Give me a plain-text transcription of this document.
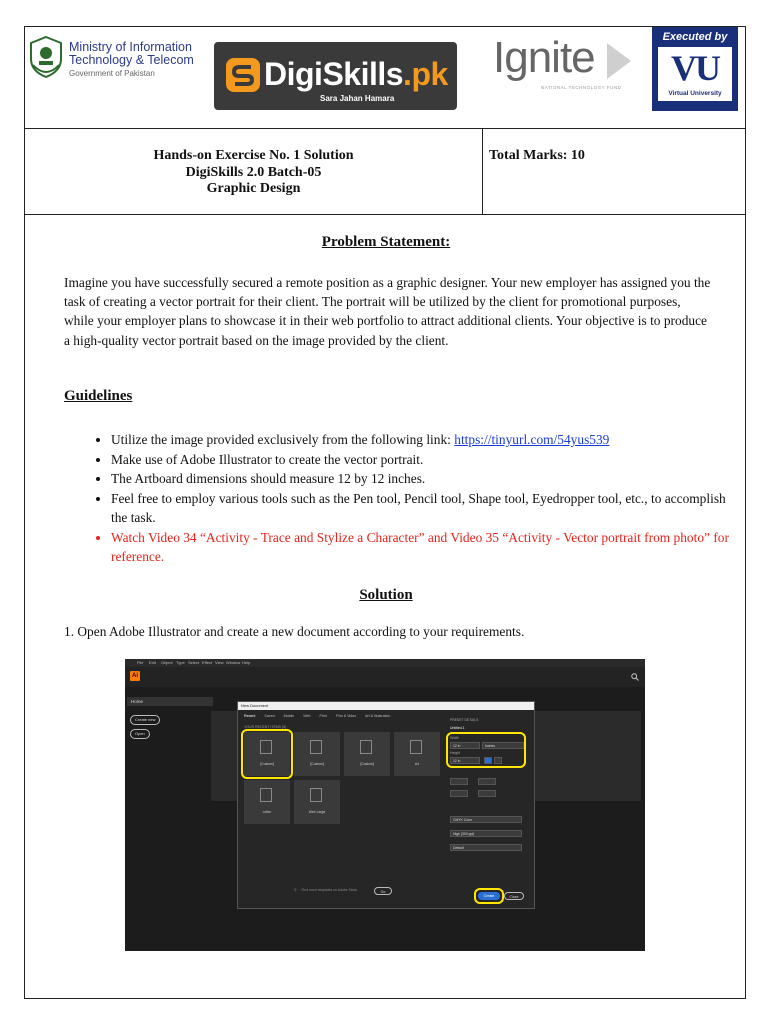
Ministry of Information
Technology & Telecom
Government of Pakistan	DigiSkills.pk
Sara Jahan Hamara
Ignite
NATIONAL TECHNOLOGY FUND
Executed by
VU
Virtual University
Hands-on Exercise No. 1 Solution
DigiSkills 2.0 Batch-05
Graphic Design
Total Marks: 10
Problem Statement:
Imagine you have successfully secured a remote position as a graphic designer. Your new employer has assigned you the task of creating a vector portrait for their client. The portrait will be utilized by the client for promotional purposes, while your employer plans to showcase it in their web portfolio to attract additional clients. Your objective is to produce a high-quality vector portrait based on the image provided by the client.
Guidelines
• Utilize the image provided exclusively from the following link: https://tinyurl.com/54yus539
• Make use of Adobe Illustrator to create the vector portrait.
• The Artboard dimensions should measure 12 by 12 inches.
• Feel free to employ various tools such as the Pen tool, Pencil tool, Shape tool, Eyedropper tool, etc., to accomplish the task.
• Watch Video 34 “Activity - Trace and Stylize a Character” and Video 35 “Activity - Vector portrait from photo” for reference.
Solution
1. Open Adobe Illustrator and create a new document according to your requirements.
File Edit Object Type Select Effect View Window Help
Ai
Home
Create new
Open
New Document
Recent	Saved	Mobile	Web	Print	Film & Video Art & Illustration
YOUR RECENT ITEMS (6)
[Custom]	[Custom]	[Custom]	A4
Letter	Web Large
PRESET DETAILS
Untitled-1
Width
12 in	Inches
Height
12 in
CMYK Color
High (300 ppi)
Default
Create	Close
⚲ Find more templates on Adobe Stock	Go
